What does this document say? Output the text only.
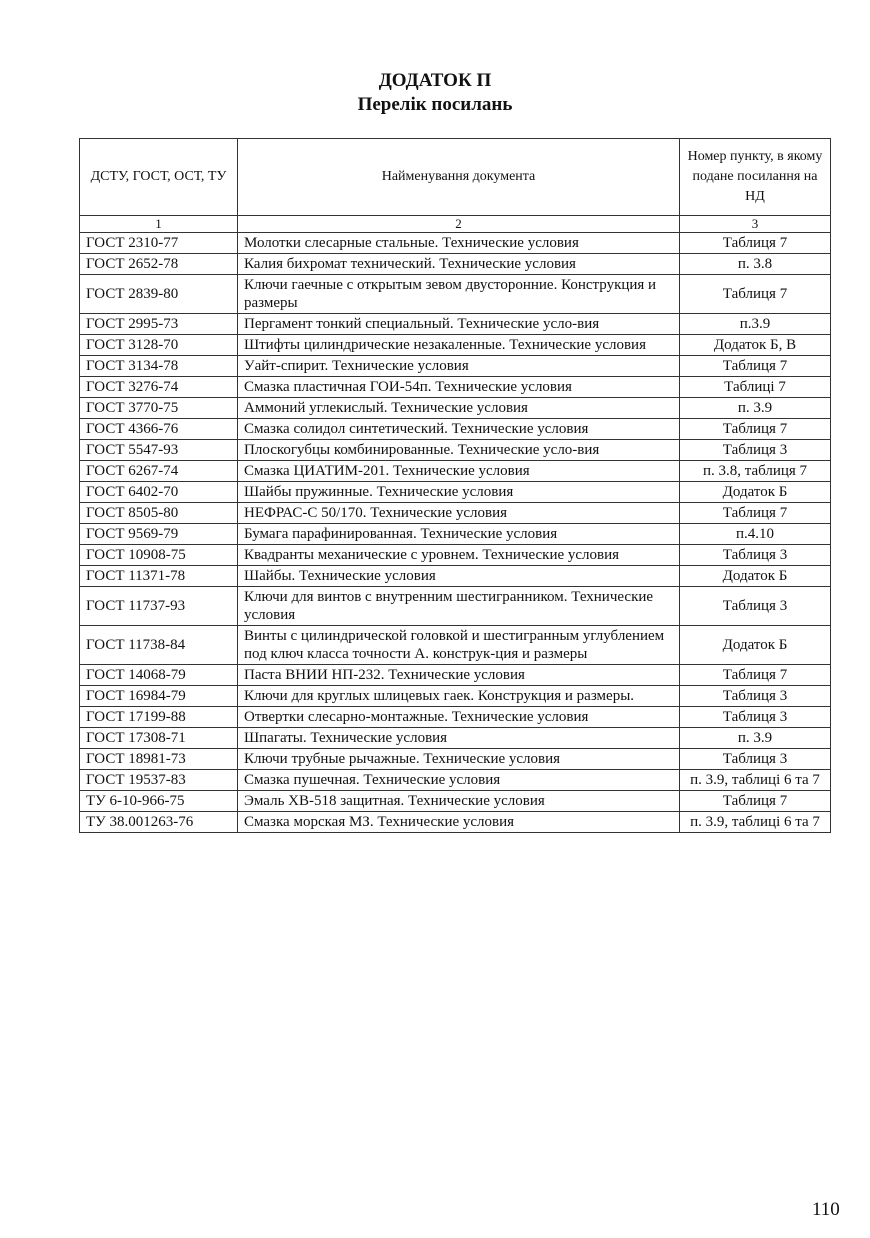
ДОДАТОК П
Перелік посилань
ДСТУ, ГОСТ, ОСТ, ТУ	Найменування документа	Номер пункту, в якому подане посилання на НД
1	2	3
ГОСТ 2310-77	Молотки слесарные стальные. Технические условия	Таблиця 7
ГОСТ 2652-78	Калия бихромат технический. Технические условия	п. 3.8
ГОСТ 2839-80	Ключи гаечные с открытым зевом двусторонние. Конструкция и размеры	Таблиця 7
ГОСТ 2995-73	Пергамент тонкий специальный. Технические усло-вия	п.3.9
ГОСТ 3128-70	Штифты цилиндрические незакаленные. Технические условия	Додаток Б, В
ГОСТ 3134-78	Уайт-спирит. Технические условия	Таблиця 7
ГОСТ 3276-74	Смазка пластичная ГОИ-54п. Технические условия	Таблиці 7
ГОСТ 3770-75	Аммоний углекислый. Технические условия	п. 3.9
ГОСТ 4366-76	Смазка солидол синтетический. Технические условия	Таблиця 7
ГОСТ 5547-93	Плоскогубцы комбинированные. Технические усло-вия	Таблиця 3
ГОСТ 6267-74	Смазка ЦИАТИМ-201. Технические условия	п. 3.8, таблиця 7
ГОСТ 6402-70	Шайбы пружинные. Технические условия	Додаток Б
ГОСТ 8505-80	НЕФРАС-С 50/170. Технические условия	Таблиця 7
ГОСТ 9569-79	Бумага парафинированная. Технические условия	п.4.10
ГОСТ 10908-75	Квадранты механические с уровнем. Технические условия	Таблиця 3
ГОСТ 11371-78	Шайбы. Технические условия	Додаток Б
ГОСТ 11737-93	Ключи для винтов с внутренним шестигранником. Технические условия	Таблиця 3
ГОСТ 11738-84	Винты с цилиндрической головкой и шестигранным углублением под ключ класса точности А. конструк-ция и размеры	Додаток Б
ГОСТ 14068-79	Паста ВНИИ НП-232. Технические условия	Таблиця 7
ГОСТ 16984-79	Ключи для круглых шлицевых гаек. Конструкция и размеры.	Таблиця 3
ГОСТ 17199-88	Отвертки слесарно-монтажные. Технические условия	Таблиця 3
ГОСТ 17308-71	Шпагаты. Технические условия	п. 3.9
ГОСТ 18981-73	Ключи трубные рычажные. Технические условия	Таблиця 3
ГОСТ 19537-83	Смазка пушечная. Технические условия	п. 3.9, таблиці 6 та 7
ТУ 6-10-966-75	Эмаль ХВ-518 защитная. Технические условия	Таблиця 7
ТУ 38.001263-76	Смазка морская МЗ. Технические условия	п. 3.9, таблиці 6 та 7
110
